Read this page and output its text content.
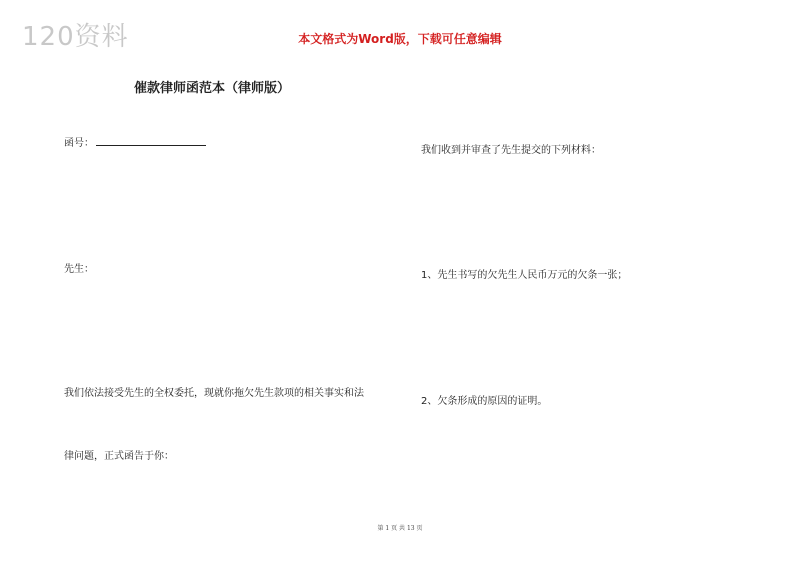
120资料	本文格式为Word版，下载可任意编辑
催款律师函范本（律师版）
函号：
先生：
我们依法接受先生的全权委托，现就你拖欠先生款项的相关事实和法
律问题，正式函告于你：
我们收到并审查了先生提交的下列材料：
1、先生书写的欠先生人民币万元的欠条一张；
2、欠条形成的原因的证明。
第 1 页 共 13 页
